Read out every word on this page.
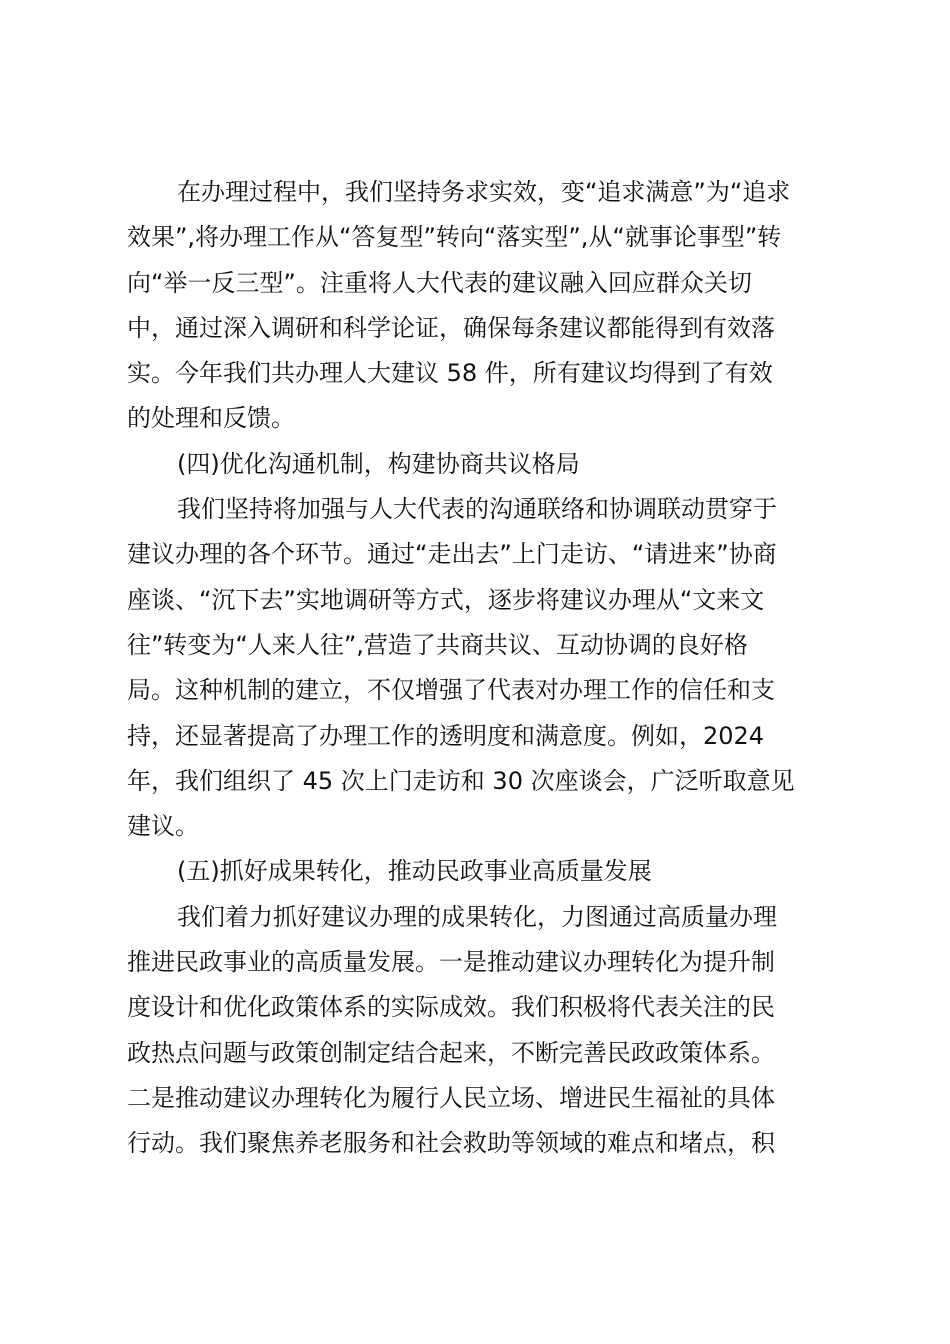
在办理过程中，我们坚持务求实效，变“追求满意”为“追求
效果”,将办理工作从“答复型”转向“落实型”,从“就事论事型”转
向“举一反三型”。注重将人大代表的建议融入回应群众关切
中，通过深入调研和科学论证，确保每条建议都能得到有效落
实。今年我们共办理人大建议 58 件，所有建议均得到了有效
的处理和反馈。
(四)优化沟通机制，构建协商共议格局
我们坚持将加强与人大代表的沟通联络和协调联动贯穿于
建议办理的各个环节。通过“走出去”上门走访、“请进来”协商
座谈、“沉下去”实地调研等方式，逐步将建议办理从“文来文
往”转变为“人来人往”,营造了共商共议、互动协调的良好格
局。这种机制的建立，不仅增强了代表对办理工作的信任和支
持，还显著提高了办理工作的透明度和满意度。例如，2024
年，我们组织了 45 次上门走访和 30 次座谈会，广泛听取意见
建议。
(五)抓好成果转化，推动民政事业高质量发展
我们着力抓好建议办理的成果转化，力图通过高质量办理
推进民政事业的高质量发展。一是推动建议办理转化为提升制
度设计和优化政策体系的实际成效。我们积极将代表关注的民
政热点问题与政策创制定结合起来，不断完善民政政策体系。
二是推动建议办理转化为履行人民立场、增进民生福祉的具体
行动。我们聚焦养老服务和社会救助等领域的难点和堵点，积
